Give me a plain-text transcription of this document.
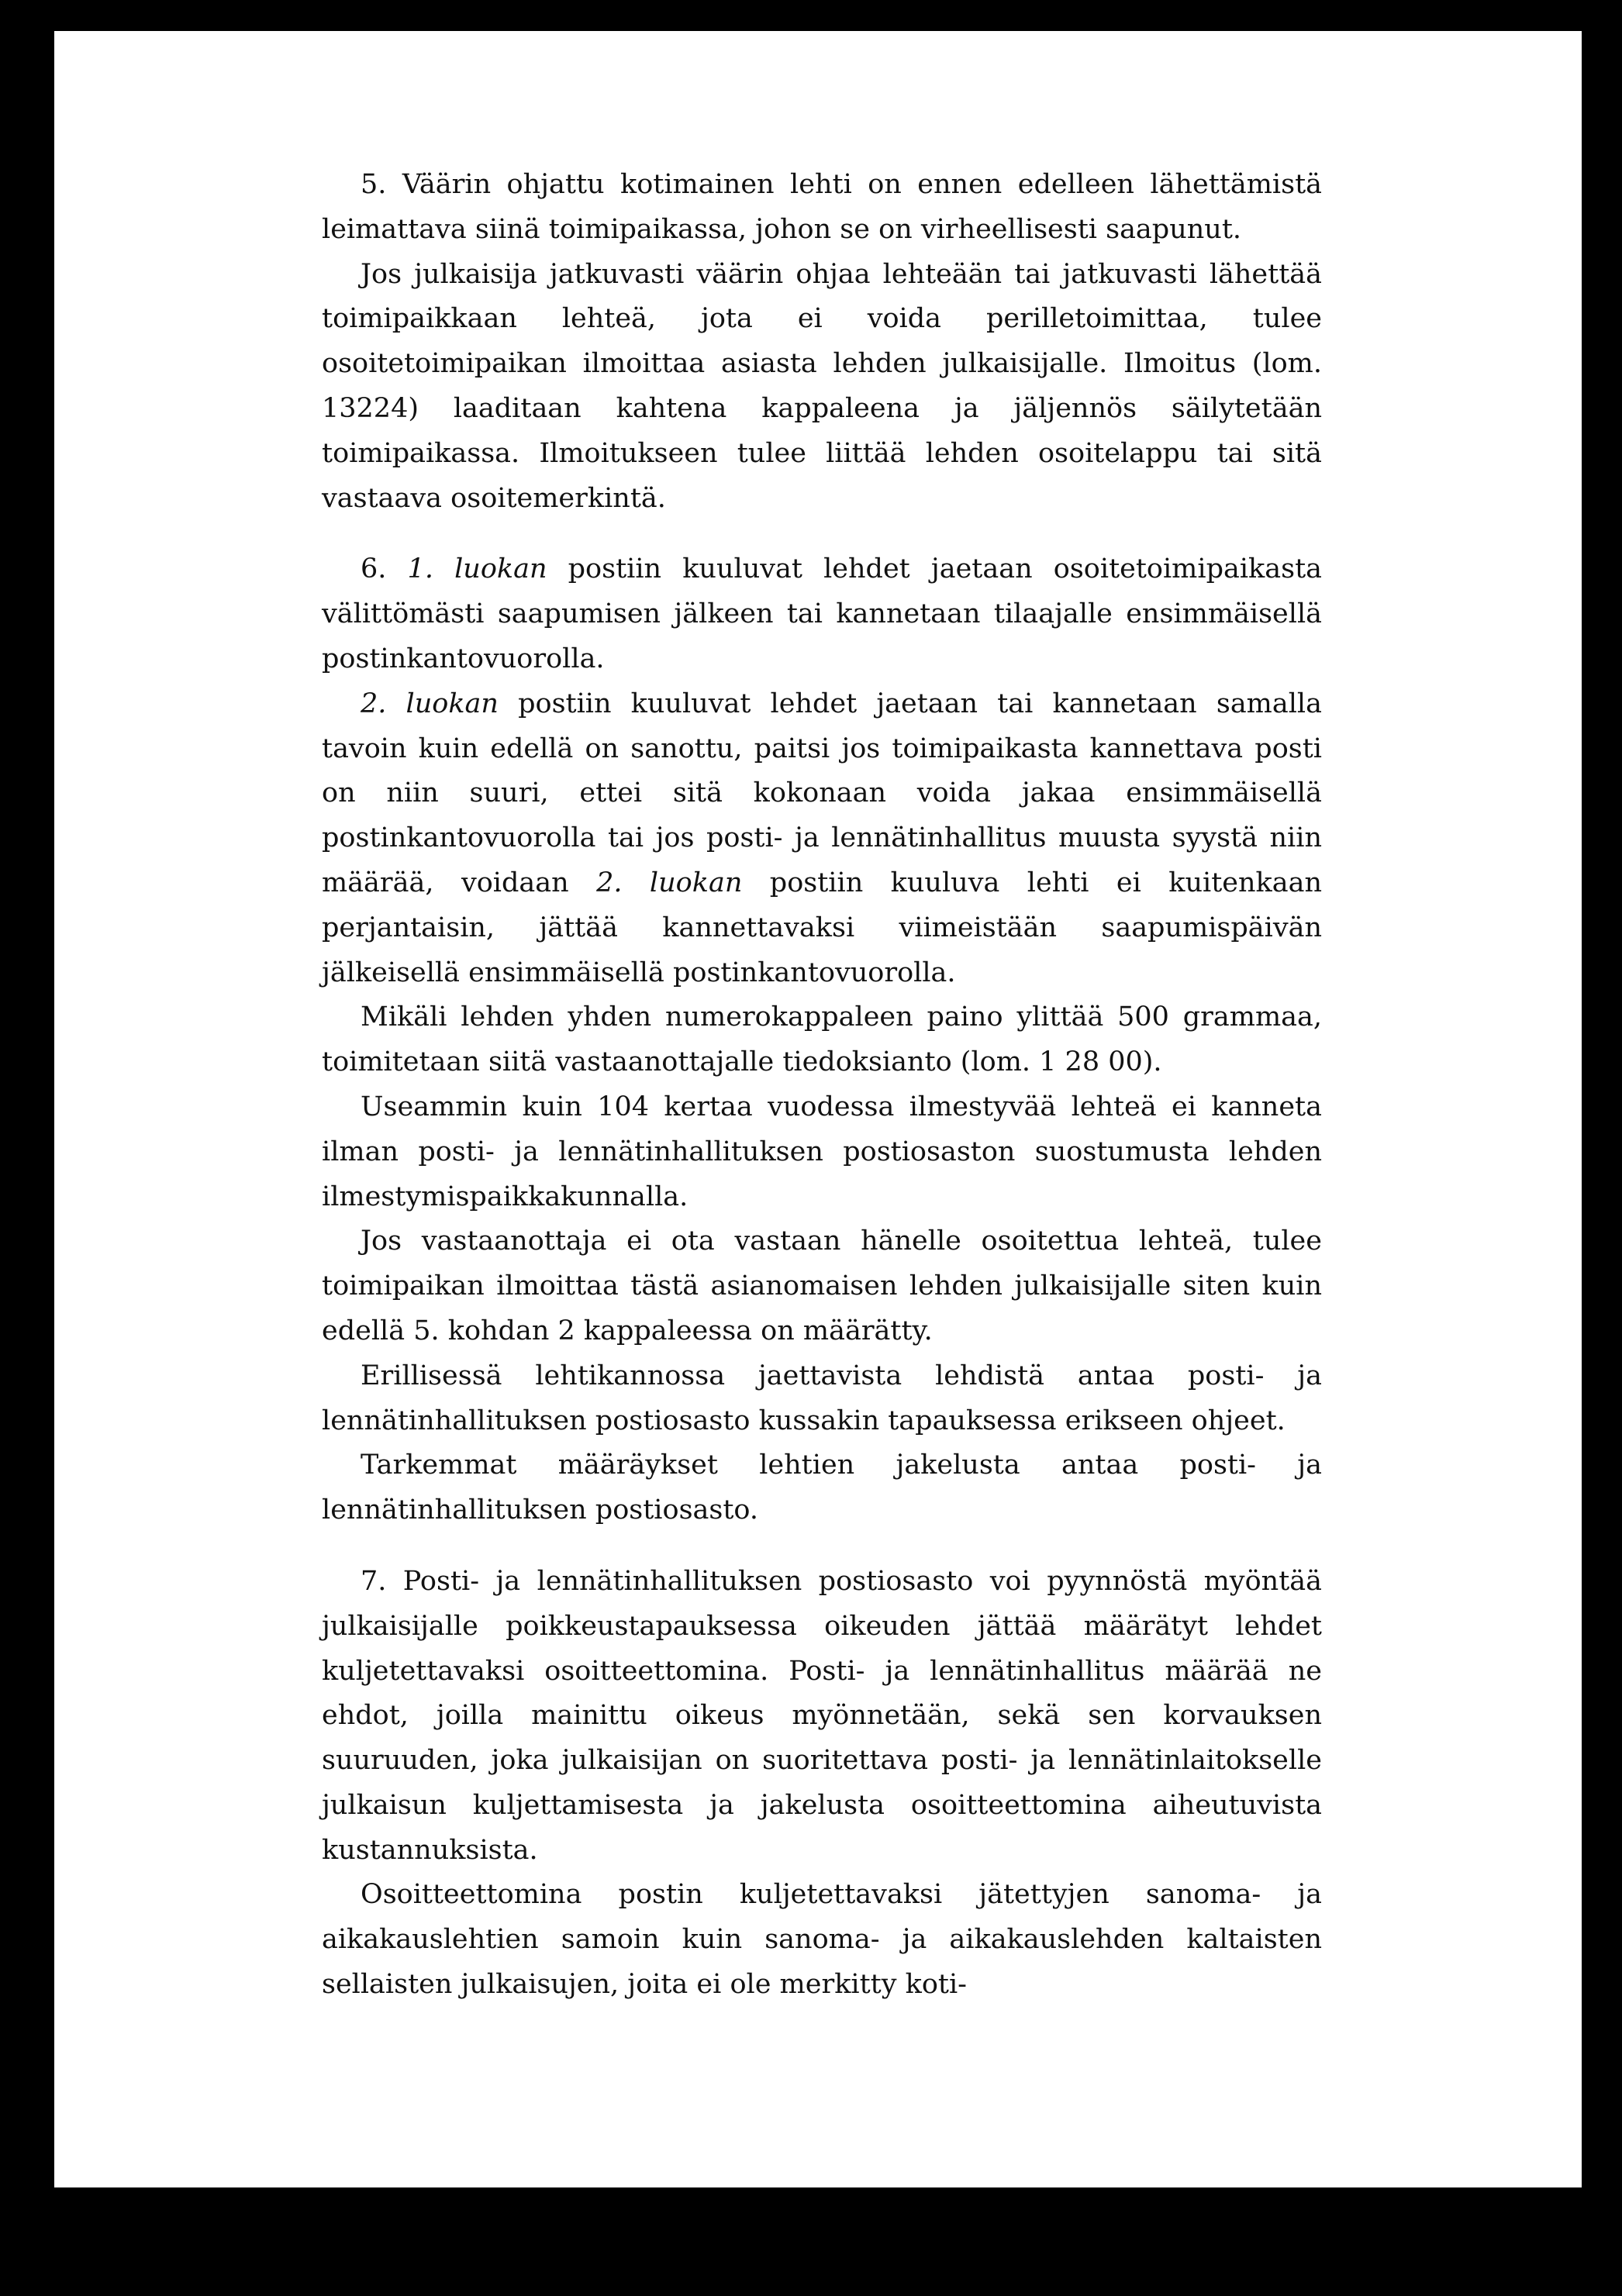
5. Väärin ohjattu kotimainen lehti on ennen edelleen lähettämistä leimattava siinä toimipaikassa, johon se on virheellisesti saapunut.

Jos julkaisija jatkuvasti väärin ohjaa lehteään tai jatkuvasti lähettää toimipaikkaan lehteä, jota ei voida perilletoimittaa, tulee osoitetoimipaikan ilmoittaa asiasta lehden julkaisijalle. Ilmoitus (lom. 13224) laaditaan kahtena kappaleena ja jäljennös säilytetään toimipaikassa. Ilmoitukseen tulee liittää lehden osoitelappu tai sitä vastaava osoitemerkintä.

6. 1. luokan postiin kuuluvat lehdet jaetaan osoitetoimipaikasta välittömästi saapumisen jälkeen tai kannetaan tilaajalle ensimmäisellä postinkantovuorolla.

2. luokan postiin kuuluvat lehdet jaetaan tai kannetaan samalla tavoin kuin edellä on sanottu, paitsi jos toimipaikasta kannettava posti on niin suuri, ettei sitä kokonaan voida jakaa ensimmäisellä postinkantovuorolla tai jos posti- ja lennätinhallitus muusta syystä niin määrää, voidaan 2. luokan postiin kuuluva lehti ei kuitenkaan perjantaisin, jättää kannettavaksi viimeistään saapumispäivän jälkeisellä ensimmäisellä postinkantovuorolla.

Mikäli lehden yhden numerokappaleen paino ylittää 500 grammaa, toimitetaan siitä vastaanottajalle tiedoksianto (lom. 1 28 00).

Useammin kuin 104 kertaa vuodessa ilmestyvää lehteä ei kanneta ilman posti- ja lennätinhallituksen postiosaston suostumusta lehden ilmestymispaikkakunnalla.

Jos vastaanottaja ei ota vastaan hänelle osoitettua lehteä, tulee toimipaikan ilmoittaa tästä asianomaisen lehden julkaisijalle siten kuin edellä 5. kohdan 2 kappaleessa on määrätty.

Erillisessä lehtikannossa jaettavista lehdistä antaa posti- ja lennätinhallituksen postiosasto kussakin tapauksessa erikseen ohjeet.

Tarkemmat määräykset lehtien jakelusta antaa posti- ja lennätinhallituksen postiosasto.

7. Posti- ja lennätinhallituksen postiosasto voi pyynnöstä myöntää julkaisijalle poikkeustapauksessa oikeuden jättää määrätyt lehdet kuljetettavaksi osoitteettomina. Posti- ja lennätinhallitus määrää ne ehdot, joilla mainittu oikeus myönnetään, sekä sen korvauksen suuruuden, joka julkaisijan on suoritettava posti- ja lennätinlaitokselle julkaisun kuljettamisesta ja jakelusta osoitteettomina aiheutuvista kustannuksista.

Osoitteettomina postin kuljetettavaksi jätettyjen sanoma- ja aikakauslehtien samoin kuin sanoma- ja aikakauslehden kaltaisten sellaisten julkaisujen, joita ei ole merkitty koti-
